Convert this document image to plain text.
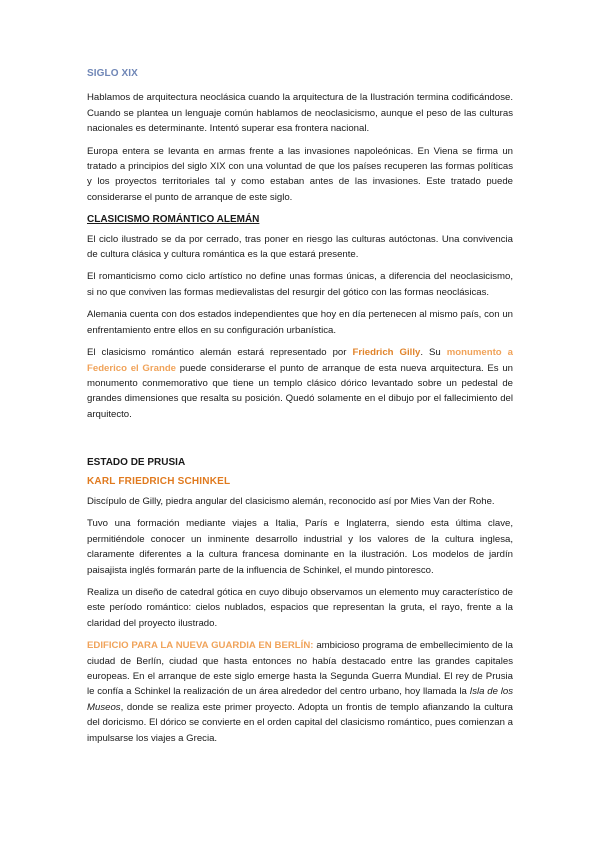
SIGLO XIX

Hablamos de arquitectura neoclásica cuando la arquitectura de la Ilustración termina codificándose. Cuando se plantea un lenguaje común hablamos de neoclasicismo, aunque el peso de las culturas nacionales es determinante. Intentó superar esa frontera nacional.

Europa entera se levanta en armas frente a las invasiones napoleónicas. En Viena se firma un tratado a principios del siglo XIX con una voluntad de que los países recuperen las formas políticas y los proyectos territoriales tal y como estaban antes de las invasiones. Este tratado puede considerarse el punto de arranque de este siglo.

CLASICISMO ROMÁNTICO ALEMÁN

El ciclo ilustrado se da por cerrado, tras poner en riesgo las culturas autóctonas. Una convivencia de cultura clásica y cultura romántica es la que estará presente.

El romanticismo como ciclo artístico no define unas formas únicas, a diferencia del neoclasicismo, si no que conviven las formas medievalistas del resurgir del gótico con las formas neoclásicas.

Alemania cuenta con dos estados independientes que hoy en día pertenecen al mismo país, con un enfrentamiento entre ellos en su configuración urbanística.

El clasicismo romántico alemán estará representado por Friedrich Gilly. Su monumento a Federico el Grande puede considerarse el punto de arranque de esta nueva arquitectura. Es un monumento conmemorativo que tiene un templo clásico dórico levantado sobre un pedestal de grandes dimensiones que resalta su posición. Quedó solamente en el dibujo por el fallecimiento del arquitecto.

ESTADO DE PRUSIA
KARL FRIEDRICH SCHINKEL

Discípulo de Gilly, piedra angular del clasicismo alemán, reconocido así por Mies Van der Rohe.

Tuvo una formación mediante viajes a Italia, París e Inglaterra, siendo esta última clave, permitiéndole conocer un inminente desarrollo industrial y los valores de la cultura inglesa, claramente diferentes a la cultura francesa dominante en la ilustración. Los modelos de jardín paisajista inglés formarán parte de la influencia de Schinkel, el mundo pintoresco.

Realiza un diseño de catedral gótica en cuyo dibujo observamos un elemento muy característico de este período romántico: cielos nublados, espacios que representan la gruta, el rayo, frente a la claridad del proyecto ilustrado.

EDIFICIO PARA LA NUEVA GUARDIA EN BERLÍN: ambicioso programa de embellecimiento de la ciudad de Berlín, ciudad que hasta entonces no había destacado entre las grandes capitales europeas. En el arranque de este siglo emerge hasta la Segunda Guerra Mundial. El rey de Prusia le confía a Schinkel la realización de un área alrededor del centro urbano, hoy llamada la Isla de los Museos, donde se realiza este primer proyecto. Adopta un frontis de templo afianzando la cultura del doricismo. El dórico se convierte en el orden capital del clasicismo romántico, pues comienzan a impulsarse los viajes a Grecia.
